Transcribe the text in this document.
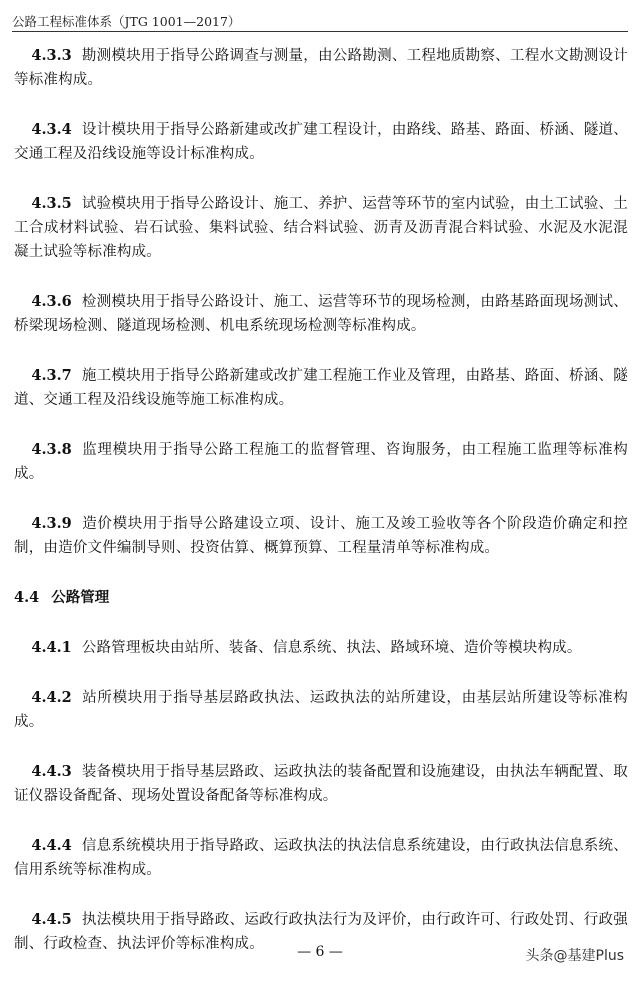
公路工程标准体系（JTG 1001—2017）

4.3.3 勘测模块用于指导公路调查与测量，由公路勘测、工程地质勘察、工程水文勘测设计等标准构成。

4.3.4 设计模块用于指导公路新建或改扩建工程设计，由路线、路基、路面、桥涵、隧道、交通工程及沿线设施等设计标准构成。

4.3.5 试验模块用于指导公路设计、施工、养护、运营等环节的室内试验，由土工试验、土工合成材料试验、岩石试验、集料试验、结合料试验、沥青及沥青混合料试验、水泥及水泥混凝土试验等标准构成。

4.3.6 检测模块用于指导公路设计、施工、运营等环节的现场检测，由路基路面现场测试、桥梁现场检测、隧道现场检测、机电系统现场检测等标准构成。

4.3.7 施工模块用于指导公路新建或改扩建工程施工作业及管理，由路基、路面、桥涵、隧道、交通工程及沿线设施等施工标准构成。

4.3.8 监理模块用于指导公路工程施工的监督管理、咨询服务，由工程施工监理等标准构成。

4.3.9 造价模块用于指导公路建设立项、设计、施工及竣工验收等各个阶段造价确定和控制，由造价文件编制导则、投资估算、概算预算、工程量清单等标准构成。

4.4 公路管理

4.4.1 公路管理板块由站所、装备、信息系统、执法、路域环境、造价等模块构成。

4.4.2 站所模块用于指导基层路政执法、运政执法的站所建设，由基层站所建设等标准构成。

4.4.3 装备模块用于指导基层路政、运政执法的装备配置和设施建设，由执法车辆配置、取证仪器设备配备、现场处置设备配备等标准构成。

4.4.4 信息系统模块用于指导路政、运政执法的执法信息系统建设，由行政执法信息系统、信用系统等标准构成。

4.4.5 执法模块用于指导路政、运政行政执法行为及评价，由行政许可、行政处罚、行政强制、行政检查、执法评价等标准构成。	— 6 —	头条@基建Plus
